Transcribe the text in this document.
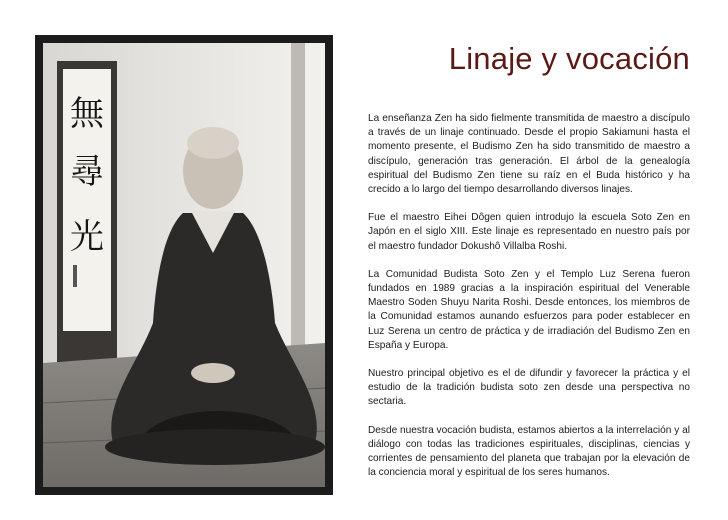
無
尋
光
Linaje y vocación

La enseñanza Zen ha sido fielmente transmitida de maestro a discípulo a través de un linaje continuado. Desde el propio Sakiamuni hasta el momento presente, el Budismo Zen ha sido transmitido de maestro a discípulo, generación tras generación. El árbol de la genealogía espiritual del Budismo Zen tiene su raíz en el Buda histórico y ha crecido a lo largo del tiempo desarrollando diversos linajes.

Fue el maestro Eihei Dôgen quien introdujo la escuela Soto Zen en Japón en el siglo XIII. Este linaje es representado en nuestro país por el maestro fundador Dokushô Villalba Roshi.

La Comunidad Budista Soto Zen y el Templo Luz Serena fueron fundados en 1989 gracias a la inspiración espiritual del Venerable Maestro Soden Shuyu Narita Roshi. Desde entonces, los miembros de la Comunidad estamos aunando esfuerzos para poder establecer en Luz Serena un centro de práctica y de irradiación del Budismo Zen en España y Europa.

Nuestro principal objetivo es el de difundir y favorecer la práctica y el estudio de la tradición budista soto zen desde una perspectiva no sectaria.

Desde nuestra vocación budista, estamos abiertos a la interrelación y al diálogo con todas las tradiciones espirituales, disciplinas, ciencias y corrientes de pensamiento del planeta que trabajan por la elevación de la conciencia moral y espiritual de los seres humanos.
